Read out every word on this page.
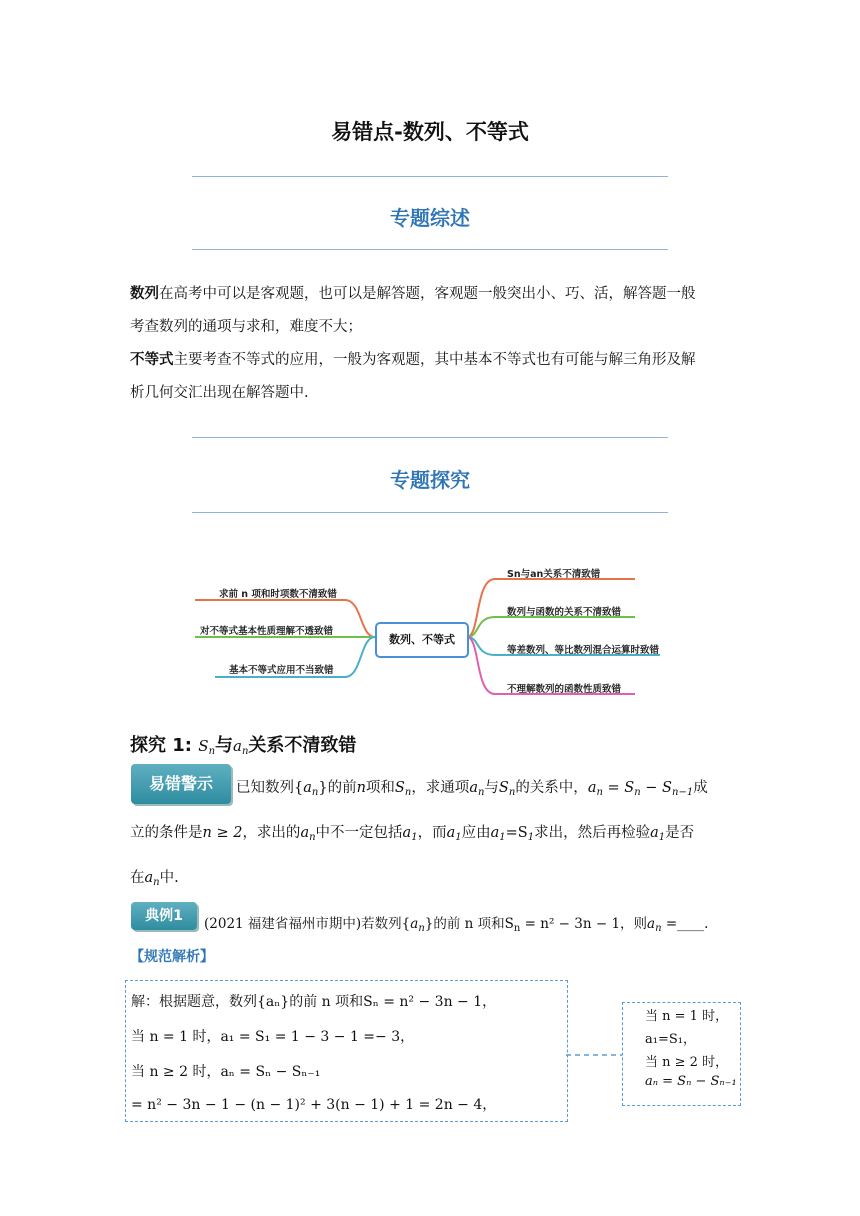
易错点-数列、不等式
专题综述
数列在高考中可以是客观题，也可以是解答题，客观题一般突出小、巧、活，解答题一般
考查数列的通项与求和，难度不大；
不等式主要考查不等式的应用，一般为客观题，其中基本不等式也有可能与解三角形及解
析几何交汇出现在解答题中.
专题探究
数列、不等式
求前 n 项和时项数不清致错
对不等式基本性质理解不透致错
基本不等式应用不当致错
Sn与an关系不清致错
数列与函数的关系不清致错
等差数列、等比数列混合运算时致错
不理解数列的函数性质致错
探究 1: $S_n$与$a_n$关系不清致错
易错警示	已知数列$\{a_n\}$的前n项和$S_n$，求通项$a_n$与$S_n$的关系中，$a_n = S_n - S_{n-1}$成
立的条件是n ≥ 2，求出的$a_n$中不一定包括$a_1$，而$a_1$应由$a_1=S_1$求出，然后再检验$a_1$是否
在$a_n$中.
典例1	(2021 福建省福州市期中)若数列$\{a_n\}$的前 n 项和$S_n = n^2 - 3n - 1$，则$a_n$ =____.
【规范解析】
解：根据题意，数列{aₙ}的前 n 项和Sₙ = n² − 3n − 1，
当 n = 1 时，a₁ = S₁ = 1 − 3 − 1 =− 3，
当 n ≥ 2 时，aₙ = Sₙ − Sₙ₋₁
= n² − 3n − 1 − (n − 1)² + 3(n − 1) + 1 = 2n − 4，
当 n = 1 时，
a₁=S₁，
当 n ≥ 2 时，
aₙ = Sₙ − Sₙ₋₁
